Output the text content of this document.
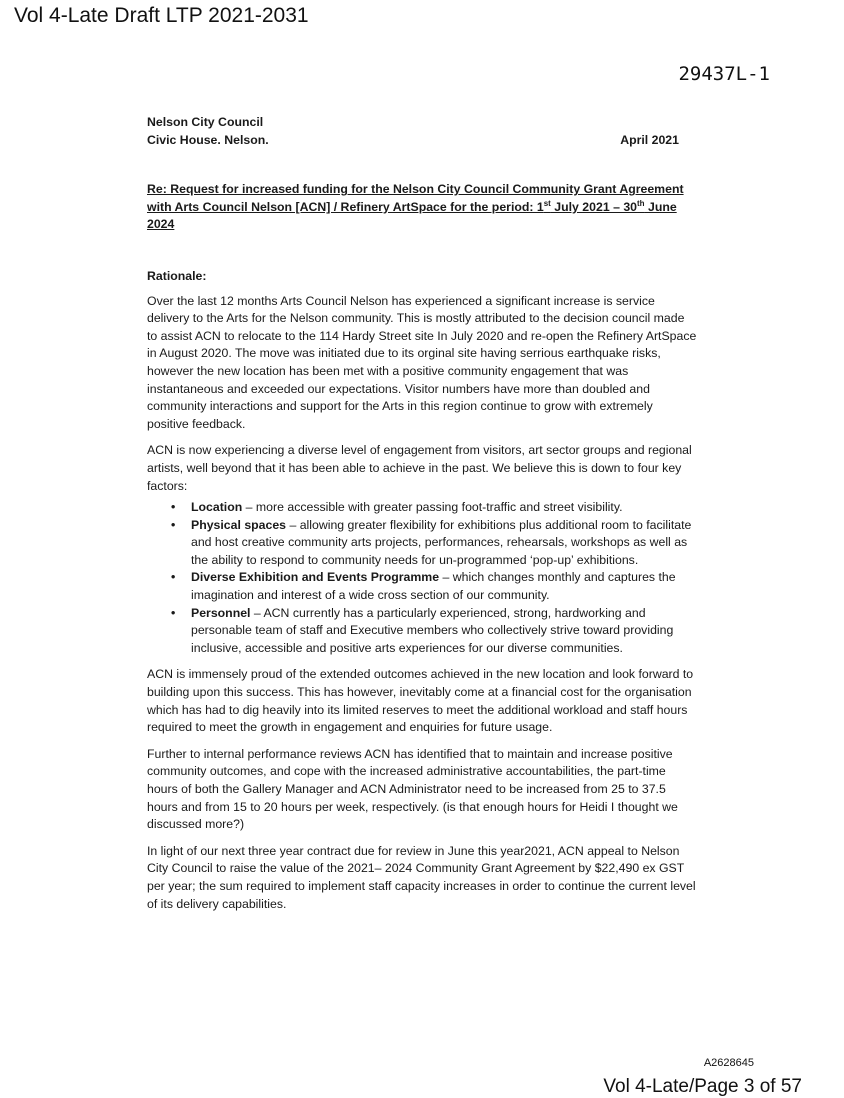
Vol 4-Late Draft LTP 2021-2031
29437L-1
Nelson City Council
Civic House. Nelson.	April 2021
Re: Request for increased funding for the Nelson City Council Community Grant Agreement with Arts Council Nelson [ACN] / Refinery ArtSpace for the period: 1st July 2021 – 30th June 2024
Rationale:

Over the last 12 months Arts Council Nelson has experienced a significant increase is service delivery to the Arts for the Nelson community. This is mostly attributed to the decision council made to assist ACN to relocate to the 114 Hardy Street site In July 2020 and re-open the Refinery ArtSpace in August 2020. The move was initiated due to its orginal site having serrious earthquake risks, however the new location has been met with a positive community engagement that was instantaneous and exceeded our expectations. Visitor numbers have more than doubled and community interactions and support for the Arts in this region continue to grow with extremely positive feedback.

ACN is now experiencing a diverse level of engagement from visitors, art sector groups and regional artists, well beyond that it has been able to achieve in the past. We believe this is down to four key factors:

• Location – more accessible with greater passing foot-traffic and street visibility.
• Physical spaces – allowing greater flexibility for exhibitions plus additional room to facilitate and host creative community arts projects, performances, rehearsals, workshops as well as the ability to respond to community needs for un-programmed ‘pop-up’ exhibitions.
• Diverse Exhibition and Events Programme – which changes monthly and captures the imagination and interest of a wide cross section of our community.
• Personnel – ACN currently has a particularly experienced, strong, hardworking and personable team of staff and Executive members who collectively strive toward providing inclusive, accessible and positive arts experiences for our diverse communities.

ACN is immensely proud of the extended outcomes achieved in the new location and look forward to building upon this success. This has however, inevitably come at a financial cost for the organisation which has had to dig heavily into its limited reserves to meet the additional workload and staff hours required to meet the growth in engagement and enquiries for future usage.

Further to internal performance reviews ACN has identified that to maintain and increase positive community outcomes, and cope with the increased administrative accountabilities, the part-time hours of both the Gallery Manager and ACN Administrator need to be increased from 25 to 37.5 hours and from 15 to 20 hours per week, respectively. (is that enough hours for Heidi I thought we discussed more?)

In light of our next three year contract due for review in June this year2021, ACN appeal to Nelson City Council to raise the value of the 2021– 2024 Community Grant Agreement by $22,490 ex GST per year; the sum required to implement staff capacity increases in order to continue the current level of its delivery capabilities.

A2628645
Vol 4-Late/Page 3 of 57
